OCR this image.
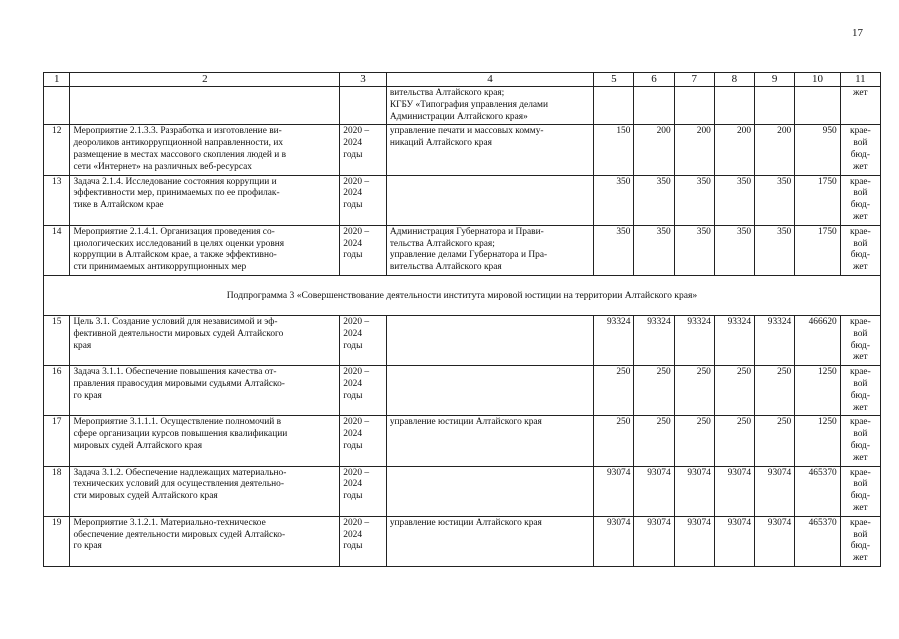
17
1	2	3	4	5	6	7	8	9	10	11

			вительства Алтайского края;
КГБУ «Типография управления делами
Администрации Алтайского края»							жет

12	Мероприятие 2.1.3.3. Разработка и изготовление ви-
деороликов антикоррупционной направленности, их
размещение в местах массового скопления людей и в
сети «Интернет» на различных веб-ресурсах	2020 –
2024
годы	управление печати и массовых комму-
никаций Алтайского края	150	200	200	200	200	950	крае-
вой
бюд-
жет

13	Задача 2.1.4. Исследование состояния коррупции и
эффективности мер, принимаемых по ее профилак-
тике в Алтайском крае	2020 –
2024
годы		350	350	350	350	350	1750	крае-
вой
бюд-
жет

14	Мероприятие 2.1.4.1. Организация проведения со-
циологических исследований в целях оценки уровня
коррупции в Алтайском крае, а также эффективно-
сти принимаемых антикоррупционных мер	2020 –
2024
годы	Администрация Губернатора и Прави-
тельства Алтайского края;
управление делами Губернатора и Пра-
вительства Алтайского края	350	350	350	350	350	1750	крае-
вой
бюд-
жет

Подпрограмма 3 «Совершенствование деятельности института мировой юстиции на территории Алтайского края»										
15	Цель 3.1. Создание условий для независимой и эф-
фективной деятельности мировых судей Алтайского
края	2020 –
2024
годы		93324	93324	93324	93324	93324	466620	крае-
вой
бюд-
жет

16	Задача 3.1.1. Обеспечение повышения качества от-
правления правосудия мировыми судьями Алтайско-
го края	2020 –
2024
годы		250	250	250	250	250	1250	крае-
вой
бюд-
жет

17	Мероприятие 3.1.1.1. Осуществление полномочий в
сфере организации курсов повышения квалификации
мировых судей Алтайского края	2020 –
2024
годы	управление юстиции Алтайского края	250	250	250	250	250	1250	крае-
вой
бюд-
жет

18	Задача 3.1.2. Обеспечение надлежащих материально-
технических условий для осуществления деятельно-
сти мировых судей Алтайского края	2020 –
2024
годы		93074	93074	93074	93074	93074	465370	крае-
вой
бюд-
жет

19	Мероприятие 3.1.2.1. Материально-техническое
обеспечение деятельности мировых судей Алтайско-
го края	2020 –
2024
годы	управление юстиции Алтайского края	93074	93074	93074	93074	93074	465370	крае-
вой
бюд-
жет
